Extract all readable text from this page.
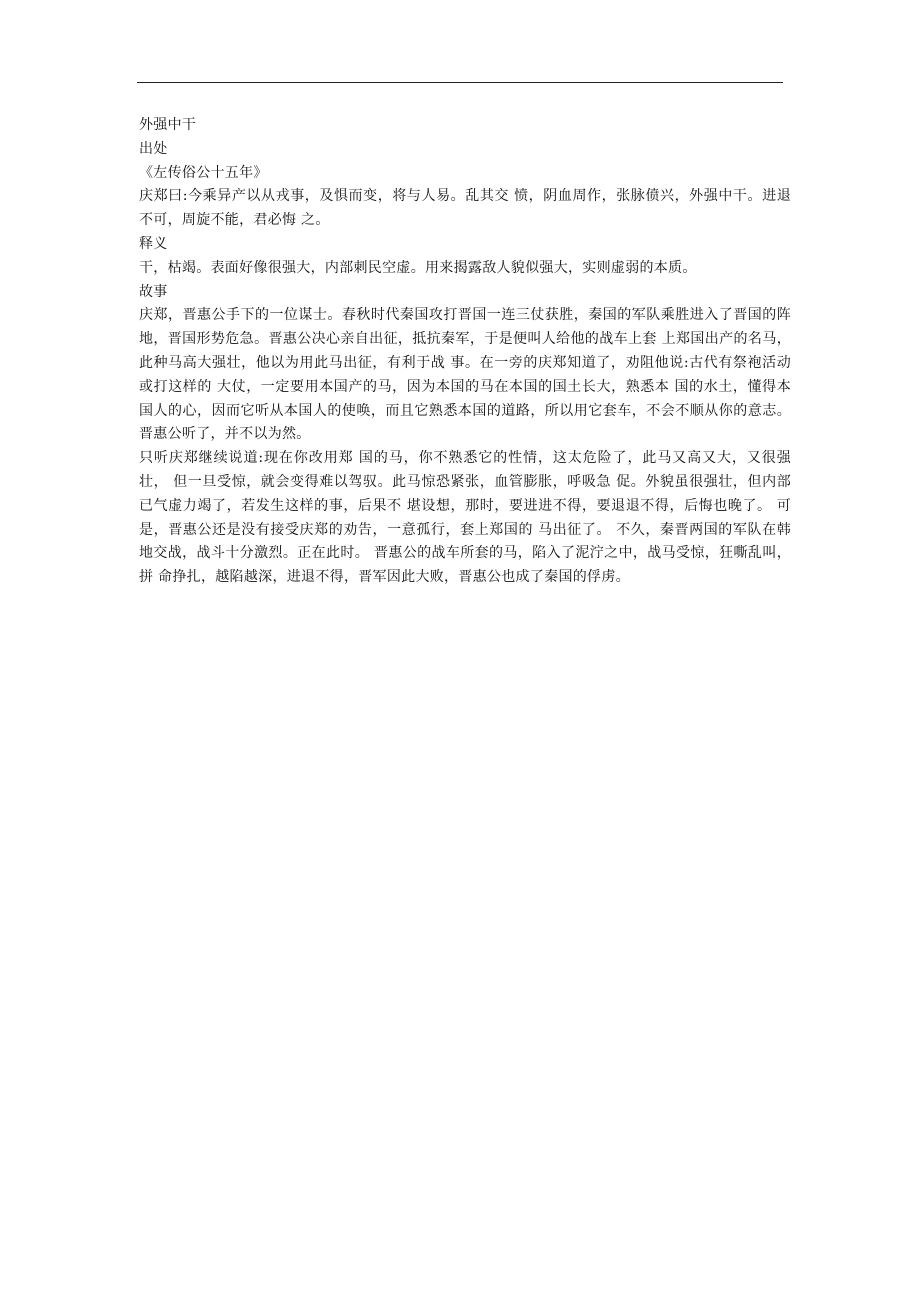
外强中干

出处

《左传俗公十五年》

庆郑曰:今乘异产以从戎事，及惧而变，将与人易。乱其交 愤，阴血周作，张脉偾兴，外强中干。进退不可，周旋不能，君必悔 之。

释义

干，枯竭。表面好像很强大，内部刺民空虚。用来揭露敌人貌似强大，实则虚弱的本质。

故事

庆郑，晋惠公手下的一位谋士。春秋时代秦国攻打晋国一连三仗获胜，秦国的军队乘胜进入了晋国的阵地，晋国形势危急。晋惠公决心亲自出征，抵抗秦军，于是便叫人给他的战车上套 上郑国出产的名马，此种马高大强壮，他以为用此马出征，有利于战 事。在一旁的庆郑知道了，劝阻他说:古代有祭袍活动或打这样的 大仗，一定要用本国产的马，因为本国的马在本国的国土长大，熟悉本 国的水土，懂得本国人的心，因而它听从本国人的使唤，而且它熟悉本国的道路，所以用它套车，不会不顺从你的意志。 晋惠公听了，并不以为然。

只听庆郑继续说道:现在你改用郑 国的马，你不熟悉它的性情，这太危险了，此马又高又大，又很强壮， 但一旦受惊，就会变得难以驾驭。此马惊恐紧张，血管膨胀，呼吸急 促。外貌虽很强壮，但内部已气虚力竭了，若发生这样的事，后果不 堪设想，那时，要进进不得，要退退不得，后悔也晚了。 可是，晋惠公还是没有接受庆郑的劝告，一意孤行，套上郑国的 马出征了。 不久，秦晋两国的军队在韩地交战，战斗十分激烈。正在此时。 晋惠公的战车所套的马，陷入了泥泞之中，战马受惊，狂嘶乱叫，拼 命挣扎，越陷越深，进退不得，晋军因此大败，晋惠公也成了秦国的俘虏。
